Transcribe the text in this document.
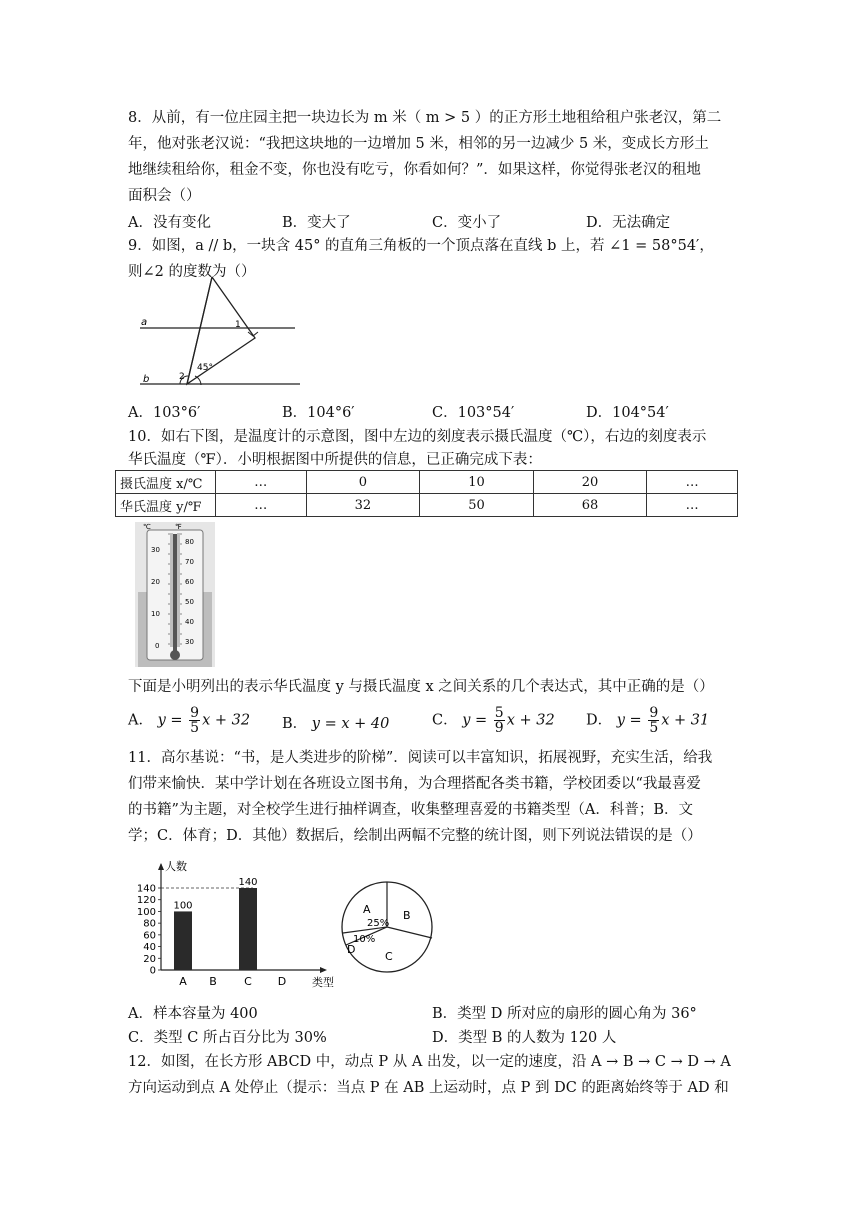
8．从前，有一位庄园主把一块边长为 m 米（ m > 5 ）的正方形土地租给租户张老汉，第二
年，他对张老汉说：“我把这块地的一边增加 5 米，相邻的另一边减少 5 米，变成长方形土
地继续租给你，租金不变，你也没有吃亏，你看如何？”．如果这样，你觉得张老汉的租地
面积会（）
A．没有变化	B．变大了	C．变小了	D．无法确定
9．如图，a // b，一块含 45° 的直角三角板的一个顶点落在直线 b 上，若 ∠1 = 58°54′，
则∠2 的度数为（）
a
b
1
2
45°
A．103°6′	B．104°6′	C．103°54′	D．104°54′
10．如右下图，是温度计的示意图，图中左边的刻度表示摄氏温度（℃），右边的刻度表示
华氏温度（℉）．小明根据图中所提供的信息，已正确完成下表：
摄氏温度 x/℃	…	0	10	20	…
华氏温度 y/℉	…	32	50	68	…
℃	℉
30
20
10
0
80
70
60
50
40
30
下面是小明列出的表示华氏温度 y 与摄氏温度 x 之间关系的几个表达式，其中正确的是（）
A． $y = \frac{9}{5}$ x + 32 B． y = x + 40	C． $y = \frac{5}{9}$ x + 32 D． $y = \frac{9}{5}$ x + 31
11．高尔基说：“书，是人类进步的阶梯”．阅读可以丰富知识，拓展视野，充实生活，给我
们带来愉快．某中学计划在各班设立图书角，为合理搭配各类书籍，学校团委以“我最喜爱
的书籍”为主题，对全校学生进行抽样调查，收集整理喜爱的书籍类型（A．科普；B．文
学；C．体育；D．其他）数据后，绘制出两幅不完整的统计图，则下列说法错误的是（）
人数
类型
0
20
40
60
80
100
120
140
A
100
B C
140
D
A
25%
B
C
10%
D
A．样本容量为 400	B．类型 D 所对应的扇形的圆心角为 36°
C．类型 C 所占百分比为 30%	D．类型 B 的人数为 120 人
12．如图，在长方形 ABCD 中，动点 P 从 A 出发，以一定的速度，沿 A → B → C → D → A
方向运动到点 A 处停止（提示：当点 P 在 AB 上运动时，点 P 到 DC 的距离始终等于 AD 和
